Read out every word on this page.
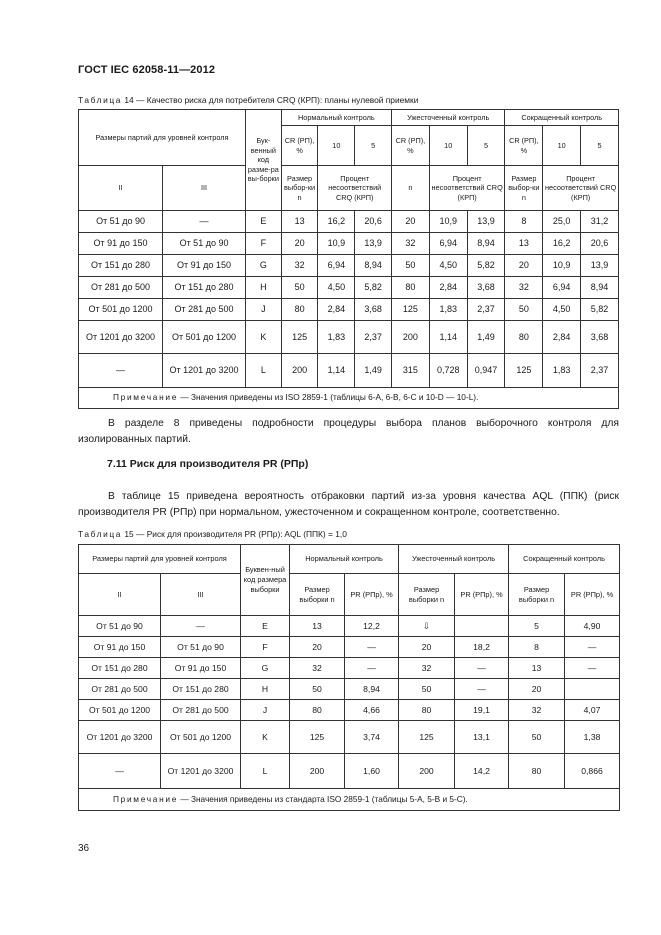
ГОСТ IEC 62058-11—2012
Таблица 14 — Качество риска для потребителя CRQ (КРП): планы нулевой приемки
Размеры партий для уровней контроля		Бук-венный код разме-ра вы-борки	Нормальный контроль			Ужесточенный контроль			Сокращенный контроль		
			CR (РП), %	10	5	CR (РП), %	10	5	CR (РП), %	10	5
II	III		Размер выбор-ки n	Процент несоответствий CRQ (КРП)		n	Процент несоответствий CRQ (КРП)		Размер выбор-ки n	Процент несоответствий CRQ (КРП)	
От 51 до 90	—	E	13	16,2	20,6	20	10,9	13,9	8	25,0	31,2
От 91 до 150	От 51 до 90	F	20	10,9	13,9	32	6,94	8,94	13	16,2	20,6
От 151 до 280	От 91 до 150	G	32	6,94	8,94	50	4,50	5,82	20	10,9	13,9
От 281 до 500	От 151 до 280	H	50	4,50	5,82	80	2,84	3,68	32	6,94	8,94
От 501 до 1200	От 281 до 500	J	80	2,84	3,68	125	1,83	2,37	50	4,50	5,82
От 1201 до 3200	От 501 до 1200	K	125	1,83	2,37	200	1,14	1,49	80	2,84	3,68
—	От 1201 до 3200	L	200	1,14	1,49	315	0,728	0,947	125	1,83	2,37
Примечание — Значения приведены из ISO 2859-1 (таблицы 6-А, 6-В, 6-С и 10-D — 10-L).											

В разделе 8 приведены подробности процедуры выбора планов выборочного контроля для изолированных партий.

7.11 Риск для производителя PR (РПр)

В таблице 15 приведена вероятность отбраковки партий из-за уровня качества AQL (ППК) (риск производителя PR (РПр) при нормальном, ужесточенном и сокращенном контроле, соответственно.

Таблица 15 — Риск для производителя PR (РПр): AQL (ППК) = 1,0
Размеры партий для уровней контроля		Буквен-ный код размера выборки	Нормальный контроль		Ужесточенный контроль		Сокращенный контроль	
II	III		Размер выборки n	PR (РПр), %	Размер выборки n	PR (РПр), %	Размер выборки n	PR (РПр), %
От 51 до 90	—	E	13	12,2	⇩		5	4,90
От 91 до 150	От 51 до 90	F	20	—	20	18,2	8	—
От 151 до 280	От 91 до 150	G	32	—	32	—	13	—
От 281 до 500	От 151 до 280	H	50	8,94	50	—	20	
От 501 до 1200	От 281 до 500	J	80	4,66	80	19,1	32	4,07
От 1201 до 3200	От 501 до 1200	K	125	3,74	125	13,1	50	1,38
—	От 1201 до 3200	L	200	1,60	200	14,2	80	0,866
Примечание — Значения приведены из стандарта ISO 2859-1 (таблицы 5-А, 5-В и 5-С).								
36
